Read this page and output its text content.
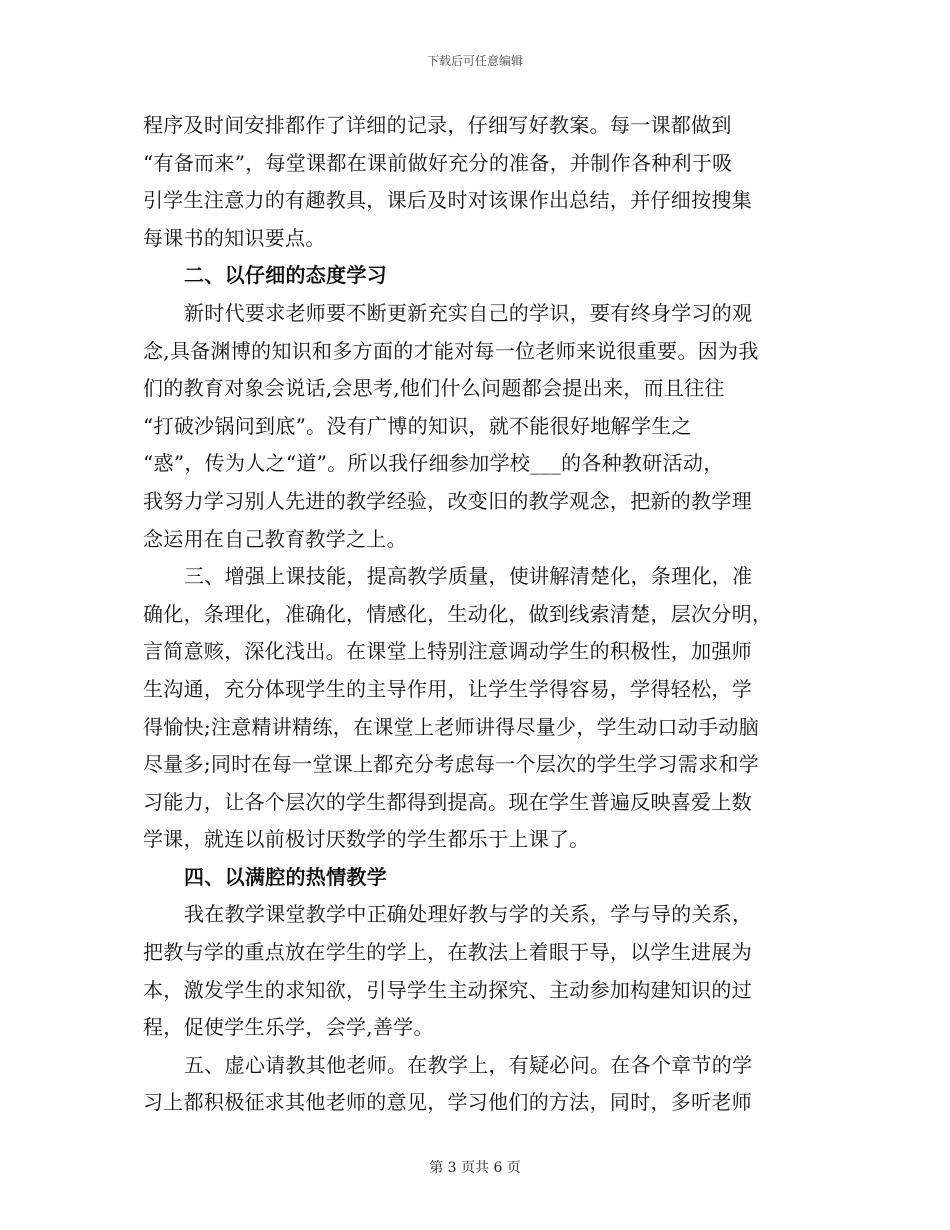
下载后可任意编辑
程序及时间安排都作了详细的记录，仔细写好教案。每一课都做到
“有备而来”，每堂课都在课前做好充分的准备，并制作各种利于吸
引学生注意力的有趣教具，课后及时对该课作出总结，并仔细按搜集
每课书的知识要点。
二、以仔细的态度学习
新时代要求老师要不断更新充实自己的学识，要有终身学习的观
念,具备渊博的知识和多方面的才能对每一位老师来说很重要。因为我
们的教育对象会说话,会思考,他们什么问题都会提出来，而且往往
“打破沙锅问到底”。没有广博的知识，就不能很好地解学生之
“惑”，传为人之“道”。所以我仔细参加学校___的各种教研活动，
我努力学习别人先进的教学经验，改变旧的教学观念，把新的教学理
念运用在自己教育教学之上。
三、增强上课技能，提高教学质量，使讲解清楚化，条理化，准
确化，条理化，准确化，情感化，生动化，做到线索清楚，层次分明，
言简意赅，深化浅出。在课堂上特别注意调动学生的积极性，加强师
生沟通，充分体现学生的主导作用，让学生学得容易，学得轻松，学
得愉快;注意精讲精练，在课堂上老师讲得尽量少，学生动口动手动脑
尽量多;同时在每一堂课上都充分考虑每一个层次的学生学习需求和学
习能力，让各个层次的学生都得到提高。现在学生普遍反映喜爱上数
学课，就连以前极讨厌数学的学生都乐于上课了。
四、以满腔的热情教学
我在教学课堂教学中正确处理好教与学的关系，学与导的关系，
把教与学的重点放在学生的学上，在教法上着眼于导，以学生进展为
本，激发学生的求知欲，引导学生主动探究、主动参加构建知识的过
程，促使学生乐学，会学,善学。
五、虚心请教其他老师。在教学上，有疑必问。在各个章节的学
习上都积极征求其他老师的意见，学习他们的方法，同时，多听老师
第 3 页共 6 页
